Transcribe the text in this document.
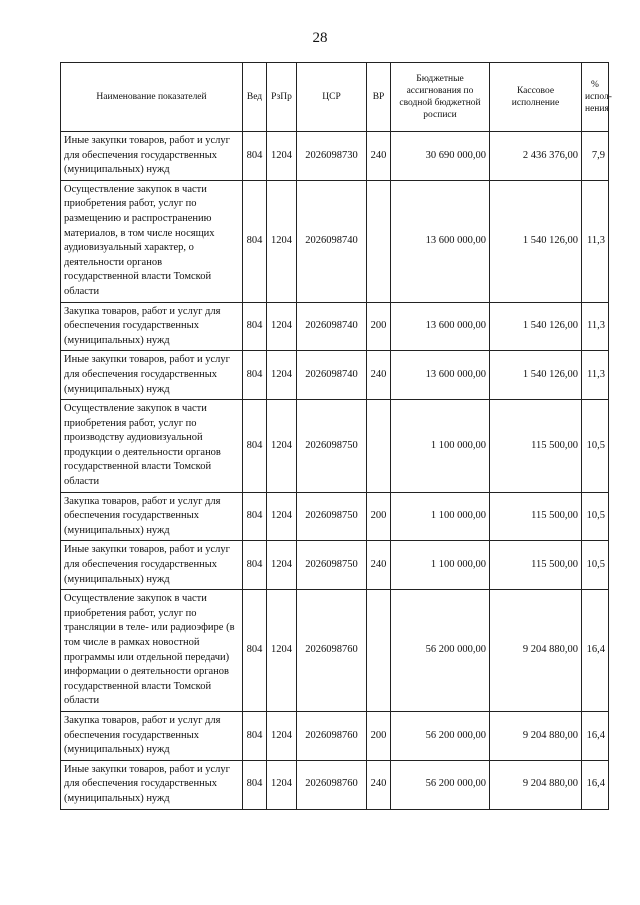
28
Наименование показателей	Вед	РзПр	ЦСР	ВР	Бюджетные ассигнования по сводной бюджетной росписи	Кассовое исполнение	% испол-нения
Иные закупки товаров, работ и услуг для обеспечения государственных (муниципальных) нужд	804	1204	2026098730	240	30 690 000,00	2 436 376,00	7,9
Осуществление закупок в части приобретения работ, услуг по размещению и распространению материалов, в том числе носящих аудиовизуальный характер, о деятельности органов государственной власти Томской области	804	1204	2026098740		13 600 000,00	1 540 126,00	11,3
Закупка товаров, работ и услуг для обеспечения государственных (муниципальных) нужд	804	1204	2026098740	200	13 600 000,00	1 540 126,00	11,3
Иные закупки товаров, работ и услуг для обеспечения государственных (муниципальных) нужд	804	1204	2026098740	240	13 600 000,00	1 540 126,00	11,3
Осуществление закупок в части приобретения работ, услуг по производству аудиовизуальной продукции о деятельности органов государственной власти Томской области	804	1204	2026098750		1 100 000,00	115 500,00	10,5
Закупка товаров, работ и услуг для обеспечения государственных (муниципальных) нужд	804	1204	2026098750	200	1 100 000,00	115 500,00	10,5
Иные закупки товаров, работ и услуг для обеспечения государственных (муниципальных) нужд	804	1204	2026098750	240	1 100 000,00	115 500,00	10,5
Осуществление закупок в части приобретения работ, услуг по трансляции в теле- или радиоэфире (в том числе в рамках новостной программы или отдельной передачи) информации о деятельности органов государственной власти Томской области	804	1204	2026098760		56 200 000,00	9 204 880,00	16,4
Закупка товаров, работ и услуг для обеспечения государственных (муниципальных) нужд	804	1204	2026098760	200	56 200 000,00	9 204 880,00	16,4
Иные закупки товаров, работ и услуг для обеспечения государственных (муниципальных) нужд	804	1204	2026098760	240	56 200 000,00	9 204 880,00	16,4
